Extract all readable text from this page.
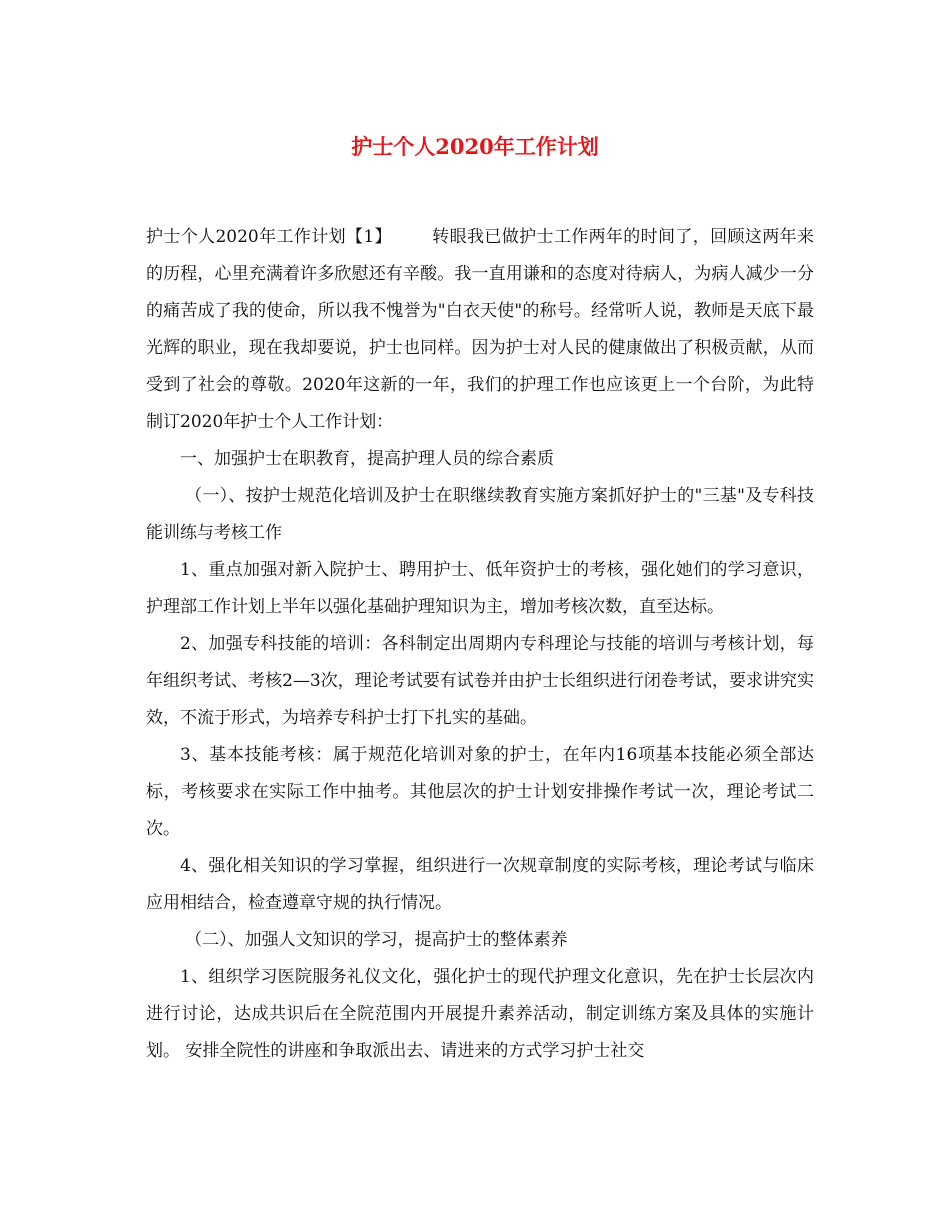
护士个人2020年工作计划

护士个人2020年工作计划【1】 转眼我已做护士工作两年的时间了，回顾这两年来的历程，心里充满着许多欣慰还有辛酸。我一直用谦和的态度对待病人，为病人减少一分的痛苦成了我的使命，所以我不愧誉为"白衣天使"的称号。经常听人说，教师是天底下最光辉的职业，现在我却要说，护士也同样。因为护士对人民的健康做出了积极贡献，从而受到了社会的尊敬。2020年这新的一年，我们的护理工作也应该更上一个台阶，为此特制订2020年护士个人工作计划：

一、加强护士在职教育，提高护理人员的综合素质

（一）、按护士规范化培训及护士在职继续教育实施方案抓好护士的"三基"及专科技能训练与考核工作

1、重点加强对新入院护士、聘用护士、低年资护士的考核，强化她们的学习意识，护理部工作计划上半年以强化基础护理知识为主，增加考核次数，直至达标。

2、加强专科技能的培训：各科制定出周期内专科理论与技能的培训与考核计划，每年组织考试、考核2—3次，理论考试要有试卷并由护士长组织进行闭卷考试，要求讲究实效，不流于形式，为培养专科护士打下扎实的基础。

3、基本技能考核：属于规范化培训对象的护士，在年内16项基本技能必须全部达标，考核要求在实际工作中抽考。其他层次的护士计划安排操作考试一次，理论考试二次。

4、强化相关知识的学习掌握，组织进行一次规章制度的实际考核，理论考试与临床应用相结合，检查遵章守规的执行情况。

（二）、加强人文知识的学习，提高护士的整体素养

1、组织学习医院服务礼仪文化，强化护士的现代护理文化意识，先在护士长层次内进行讨论，达成共识后在全院范围内开展提升素养活动，制定训练方案及具体的实施计划。 安排全院性的讲座和争取派出去、请进来的方式学习护士社交
